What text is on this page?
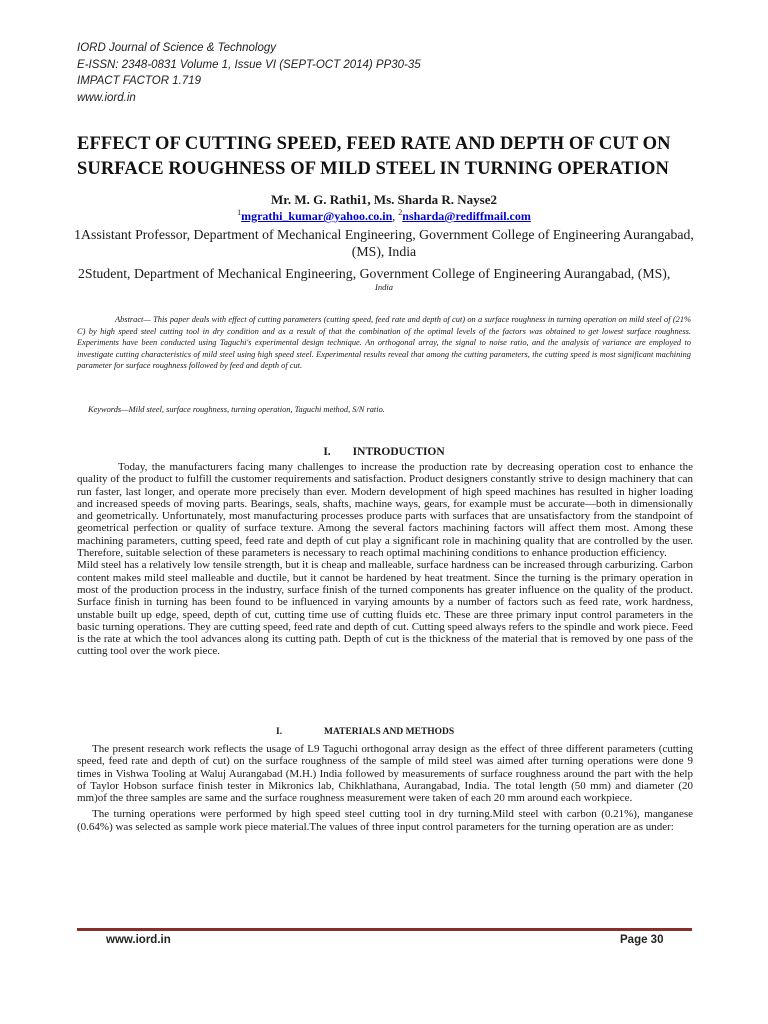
IORD Journal of Science & Technology
E-ISSN: 2348-0831 Volume 1, Issue VI (SEPT-OCT 2014) PP30-35
IMPACT FACTOR 1.719
www.iord.in
EFFECT OF CUTTING SPEED, FEED RATE AND DEPTH OF CUT ON
SURFACE ROUGHNESS OF MILD STEEL IN TURNING OPERATION
Mr. M. G. Rathi1, Ms. Sharda R. Nayse2
$^1$mgrathi_kumar@yahoo.co.in, $^2$nsharda@rediffmail.com
1Assistant Professor, Department of Mechanical Engineering, Government College of Engineering Aurangabad, (MS), India
2Student, Department of Mechanical Engineering, Government College of Engineering Aurangabad, (MS),
India
Abstract— This paper deals with effect of cutting parameters (cutting speed, feed rate and depth of cut) on a surface roughness in turning operation on mild steel of (21% C) by high speed steel cutting tool in dry condition and as a result of that the combination of the optimal levels of the factors was obtained to get lowest surface roughness. Experiments have been conducted using Taguchi's experimental design technique. An orthogonal array, the signal to noise ratio, and the analysis of variance are employed to investigate cutting characteristics of mild steel using high speed steel. Experimental results reveal that among the cutting parameters, the cutting speed is most significant machining parameter for surface roughness followed by feed and depth of cut.
Keywords—Mild steel, surface roughness, turning operation, Taguchi method, S/N ratio.
I. INTRODUCTION

Today, the manufacturers facing many challenges to increase the production rate by decreasing operation cost to enhance the quality of the product to fulfill the customer requirements and satisfaction. Product designers constantly strive to design machinery that can run faster, last longer, and operate more precisely than ever. Modern development of high speed machines has resulted in higher loading and increased speeds of moving parts. Bearings, seals, shafts, machine ways, gears, for example must be accurate—both in dimensionally and geometrically. Unfortunately, most manufacturing processes produce parts with surfaces that are unsatisfactory from the standpoint of geometrical perfection or quality of surface texture. Among the several factors machining factors will affect them most. Among these machining parameters, cutting speed, feed rate and depth of cut play a significant role in machining quality that are controlled by the user. Therefore, suitable selection of these parameters is necessary to reach optimal machining conditions to enhance production efficiency.

Mild steel has a relatively low tensile strength, but it is cheap and malleable, surface hardness can be increased through carburizing. Carbon content makes mild steel malleable and ductile, but it cannot be hardened by heat treatment. Since the turning is the primary operation in most of the production process in the industry, surface finish of the turned components has greater influence on the quality of the product. Surface finish in turning has been found to be influenced in varying amounts by a number of factors such as feed rate, work hardness, unstable built up edge, speed, depth of cut, cutting time use of cutting fluids etc. These are three primary input control parameters in the basic turning operations. They are cutting speed, feed rate and depth of cut. Cutting speed always refers to the spindle and work piece. Feed is the rate at which the tool advances along its cutting path. Depth of cut is the thickness of the material that is removed by one pass of the cutting tool over the work piece.

I.	MATERIALS AND METHODS

The present research work reflects the usage of L9 Taguchi orthogonal array design as the effect of three different parameters (cutting speed, feed rate and depth of cut) on the surface roughness of the sample of mild steel was aimed after turning operations were done 9 times in Vishwa Tooling at Waluj Aurangabad (M.H.) India followed by measurements of surface roughness around the part with the help of Taylor Hobson surface finish tester in Mikronics lab, Chikhlathana, Aurangabad, India. The total length (50 mm) and diameter (20 mm)of the three samples are same and the surface roughness measurement were taken of each 20 mm around each workpiece.

The turning operations were performed by high speed steel cutting tool in dry turning.Mild steel with carbon (0.21%), manganese (0.64%) was selected as sample work piece material.The values of three input control parameters for the turning operation are as under:

www.iord.in	Page 30
